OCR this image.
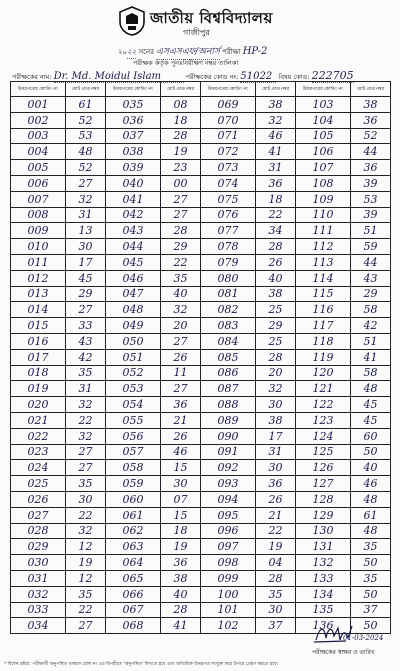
জাতীয় বিশ্ববিদ্যালয়
গাজীপুর
২০২২ সনের এসএসএফ/অনার্স পরীক্ষা HP-2
পরীক্ষক কর্তৃক পুনঃনিরীক্ষণ নম্বর তালিকা
পরীক্ষকের নাম: Dr. Md. Moidul Islam	পরীক্ষকের কোড নং: 51022 বিষয় কোড: 222705
উত্তরপত্রের কোডিং নং	মোট প্রাপ্ত নম্বর	উত্তরপত্রের কোডিং নং	মোট প্রাপ্ত নম্বর	উত্তরপত্রের কোডিং নং	মোট প্রাপ্ত নম্বর	উত্তরপত্রের কোডিং নং	মোট প্রাপ্ত নম্বর
001	61	035	08	069	38	103	38
002	52	036	18	070	32	104	36
003	53	037	28	071	46	105	52
004	48	038	19	072	41	106	44
005	52	039	23	073	31	107	36
006	27	040	00	074	36	108	39
007	32	041	27	075	18	109	53
008	31	042	27	076	22	110	39
009	13	043	28	077	34	111	51
010	30	044	29	078	28	112	59
011	17	045	22	079	26	113	44
012	45	046	35	080	40	114	43
013	29	047	40	081	38	115	29
014	27	048	32	082	25	116	58
015	33	049	20	083	29	117	42
016	43	050	27	084	25	118	51
017	42	051	26	085	28	119	41
018	35	052	11	086	20	120	58
019	31	053	27	087	32	121	48
020	32	054	36	088	30	122	45
021	22	055	21	089	38	123	45
022	32	056	26	090	17	124	60
023	27	057	46	091	31	125	50
024	27	058	15	092	30	126	40
025	35	059	30	093	36	127	46
026	30	060	07	094	26	128	48
027	22	061	15	095	21	129	61
028	32	062	18	096	22	130	48
029	12	063	19	097	19	131	35
030	19	064	36	098	04	132	50
031	12	065	38	099	28	133	35
032	35	066	40	100	35	134	50
033	22	067	28	101	30	135	37
034	27	068	41	102	37	136	50
01-03-2024
পরীক্ষকের স্বাক্ষর ও তারিখ
* বিশেষ দ্রষ্টব্য: পরীক্ষার্থী অনুপস্থিত থাকলে রোল নং এর বিপরীতে 'অনুপস্থিত' লিখতে হবে এবং অতিরিক্ত উত্তরপত্র সংযুক্ত করে উপরে প্রেরণ করতে হবে।
